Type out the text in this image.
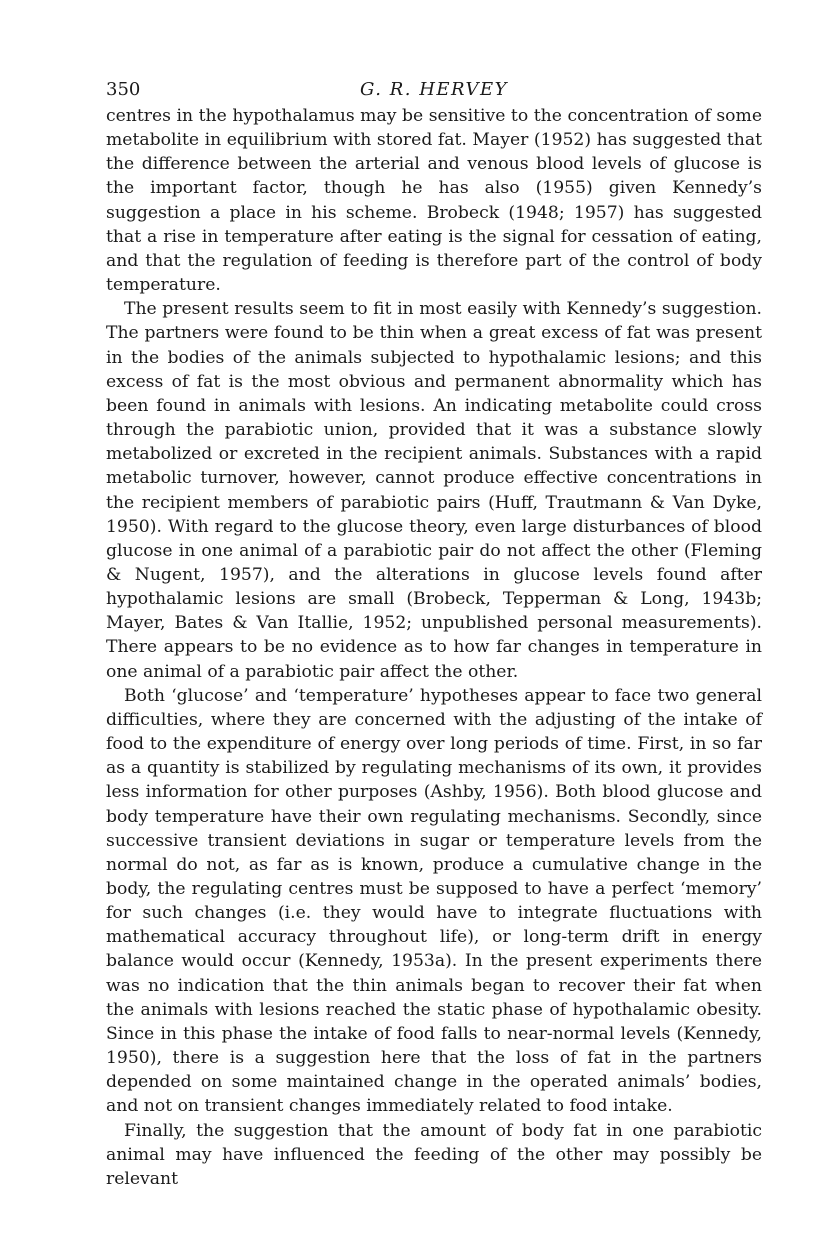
350	G. R. HERVEY

centres in the hypothalamus may be sensitive to the concentration of some metabolite in equilibrium with stored fat. Mayer (1952) has suggested that the difference between the arterial and venous blood levels of glucose is the important factor, though he has also (1955) given Kennedy’s suggestion a place in his scheme. Brobeck (1948; 1957) has suggested that a rise in temperature after eating is the signal for cessation of eating, and that the regulation of feeding is therefore part of the control of body temperature.

The present results seem to fit in most easily with Kennedy’s suggestion. The partners were found to be thin when a great excess of fat was present in the bodies of the animals subjected to hypothalamic lesions; and this excess of fat is the most obvious and permanent abnormality which has been found in animals with lesions. An indicating metabolite could cross through the parabiotic union, provided that it was a substance slowly metabolized or excreted in the recipient animals. Substances with a rapid metabolic turnover, however, cannot produce effective concentrations in the recipient members of parabiotic pairs (Huff, Trautmann & Van Dyke, 1950). With regard to the glucose theory, even large disturbances of blood glucose in one animal of a parabiotic pair do not affect the other (Fleming & Nugent, 1957), and the alterations in glucose levels found after hypothalamic lesions are small (Brobeck, Tepperman & Long, 1943b; Mayer, Bates & Van Itallie, 1952; unpublished personal measurements). There appears to be no evidence as to how far changes in temperature in one animal of a parabiotic pair affect the other.

Both ‘glucose’ and ‘temperature’ hypotheses appear to face two general difficulties, where they are concerned with the adjusting of the intake of food to the expenditure of energy over long periods of time. First, in so far as a quantity is stabilized by regulating mechanisms of its own, it provides less information for other purposes (Ashby, 1956). Both blood glucose and body temperature have their own regulating mechanisms. Secondly, since successive transient deviations in sugar or temperature levels from the normal do not, as far as is known, produce a cumulative change in the body, the regulating centres must be supposed to have a perfect ‘memory’ for such changes (i.e. they would have to integrate fluctuations with mathematical accuracy throughout life), or long-term drift in energy balance would occur (Kennedy, 1953a). In the present experiments there was no indication that the thin animals began to recover their fat when the animals with lesions reached the static phase of hypothalamic obesity. Since in this phase the intake of food falls to near-normal levels (Kennedy, 1950), there is a suggestion here that the loss of fat in the partners depended on some maintained change in the operated animals’ bodies, and not on transient changes immediately related to food intake.

Finally, the suggestion that the amount of body fat in one parabiotic animal may have influenced the feeding of the other may possibly be relevant
